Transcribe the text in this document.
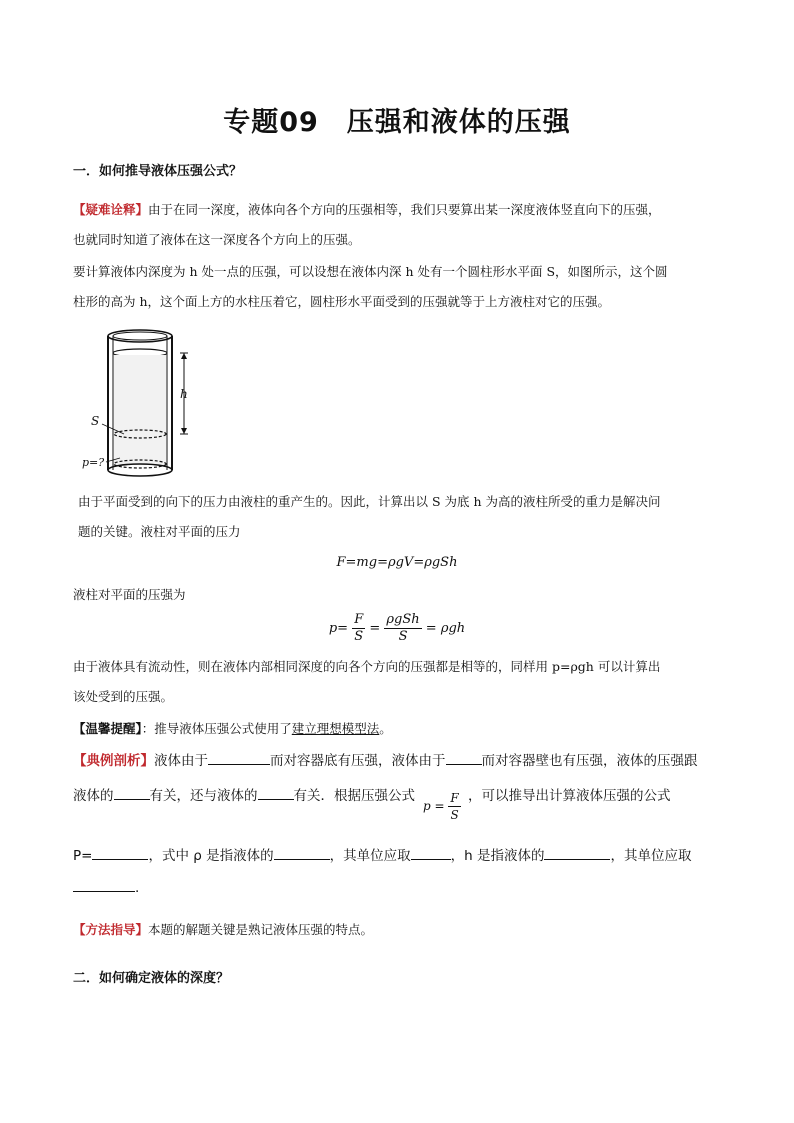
专题09　压强和液体的压强
一．如何推导液体压强公式？
【疑难诠释】由于在同一深度，液体向各个方向的压强相等，我们只要算出某一深度液体竖直向下的压强，
也就同时知道了液体在这一深度各个方向上的压强。
要计算液体内深度为 h 处一点的压强，可以设想在液体内深 h 处有一个圆柱形水平面 S，如图所示，这个圆
柱形的高为 h，这个面上方的水柱压着它，圆柱形水平面受到的压强就等于上方液柱对它的压强。
h
S
p=?
由于平面受到的向下的压力由液柱的重产生的。因此，计算出以 S 为底 h 为高的液柱所受的重力是解决问
题的关键。液柱对平面的压力
F=mg=ρgV=ρgSh
液柱对平面的压强为
$p= \frac{F}{S} = \frac{\text{ρgSh}}{S} = \rho gh$
由于液体具有流动性，则在液体内部相同深度的向各个方向的压强都是相等的，同样用 p=ρgh 可以计算出
该处受到的压强。
【温馨提醒】：推导液体压强公式使用了建立理想模型法。
【典例剖析】液体由于	而对容器底有压强，液体由于	而对容器壁也有压强，液体的压强跟
液体的	有关，还与液体的	有关．根据压强公式
$p = \frac{F}{S}$ ，可以推导出计算液体压强的公式
P=	，式中 ρ 是指液体的	，其单位应取	，h 是指液体的	，其单位应取
.
【方法指导】本题的解题关键是熟记液体压强的特点。
二．如何确定液体的深度？
